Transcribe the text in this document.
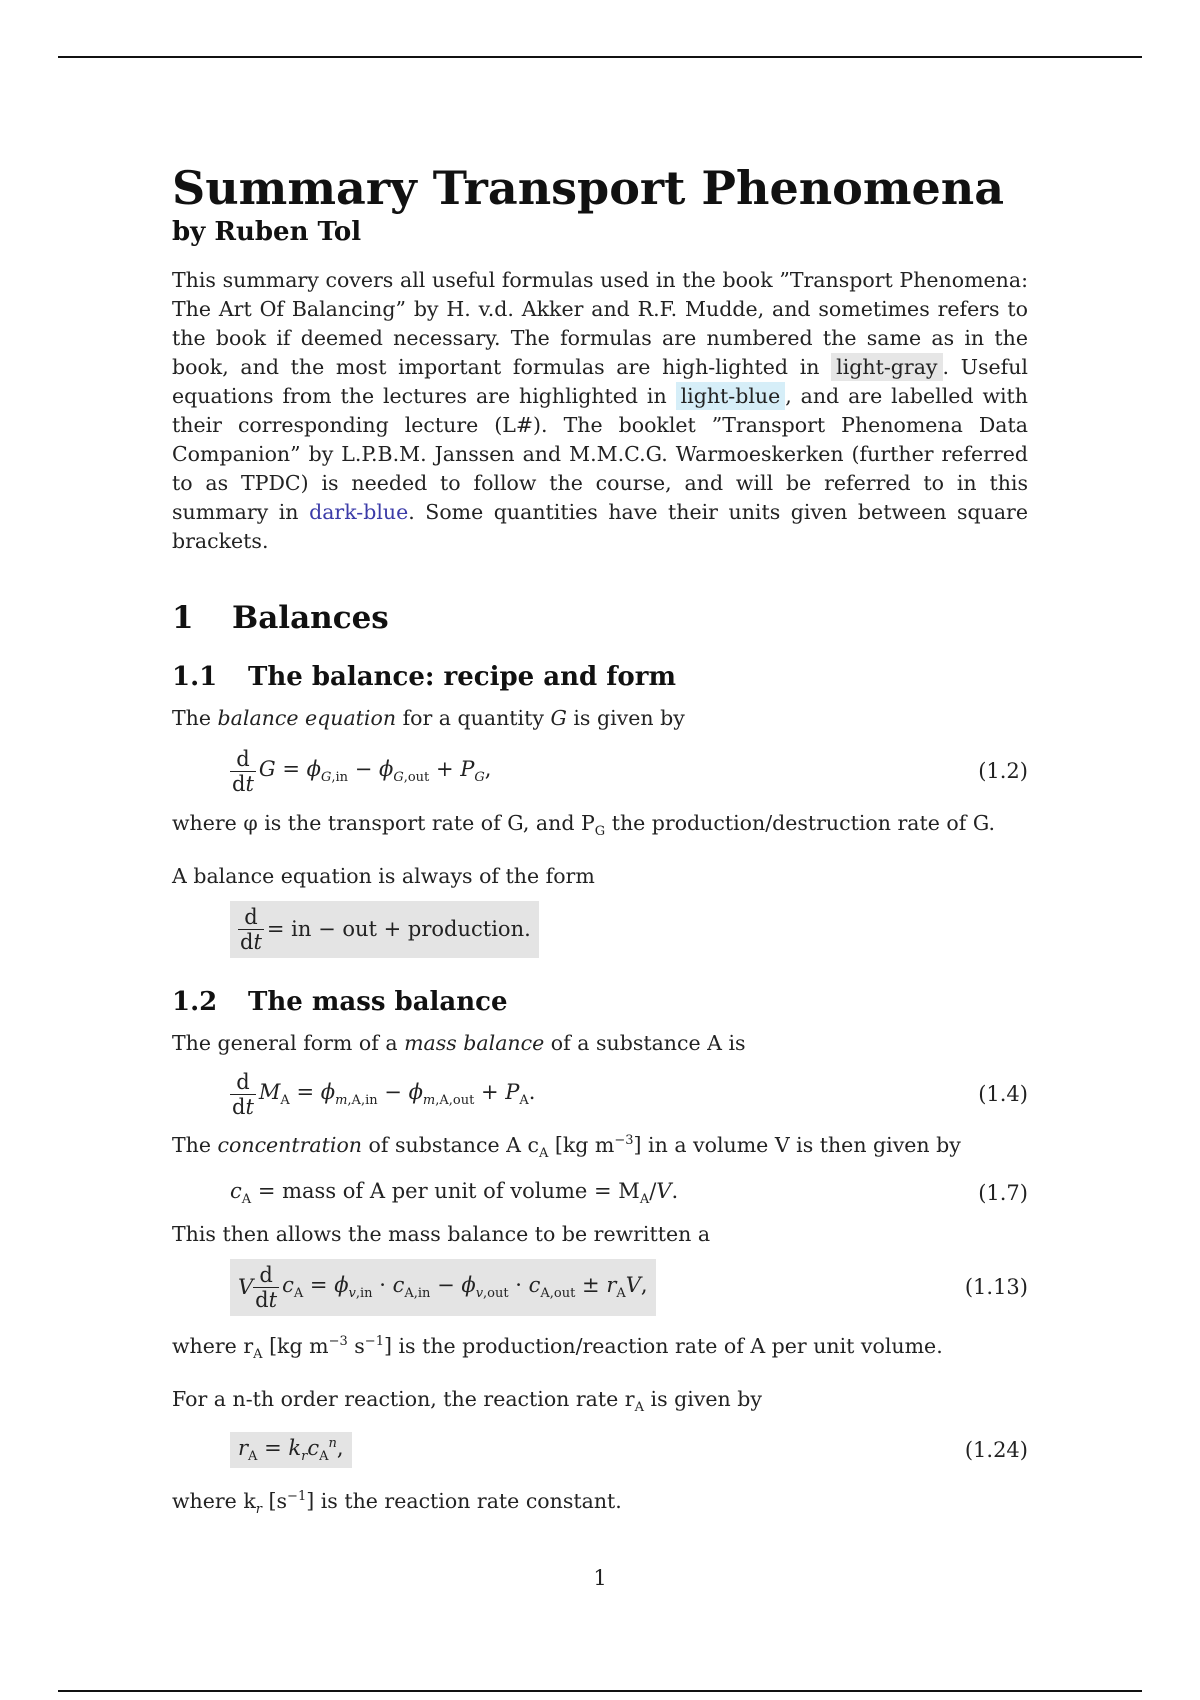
Summary Transport Phenomena
by Ruben Tol

This summary covers all useful formulas used in the book ”Transport Phenomena: The Art Of Balancing” by H. v.d. Akker and R.F. Mudde, and sometimes refers to the book if deemed necessary. The formulas are numbered the same as in the book, and the most important formulas are high-lighted in light-gray . Useful equations from the lectures are highlighted in light-blue , and are labelled with their corresponding lecture (L#). The booklet ”Transport Phenomena Data Companion” by L.P.B.M. Janssen and M.M.C.G. Warmoeskerken (further referred to as TPDC) is needed to follow the course, and will be referred to in this summary in dark-blue. Some quantities have their units given between square brackets.

1 Balances
1.1 The balance: recipe and form

The balance equation for a quantity G is given by

$\frac{d}{dt}$ $G = \phi_{G,in} - \phi_{G,out} + P_G$,	(1.2)

where φ is the transport rate of G, and $P_G$ the production/destruction rate of G.

A balance equation is always of the form

$\frac{d}{dt}$ = in − out + production.
1.2 The mass balance

The general form of a mass balance of a substance A is

$\frac{d}{dt} M_A = \phi_{m,A,in} - \phi_{m,A,out} + P_A$.	(1.4)

The concentration of substance A $c_A$ [kg $m^{-3}$] in a volume V is then given by

$c_A$ = mass of A per unit of volume = $M_A/V$.	(1.7)

This then allows the mass balance to be rewritten a

V $\frac{d}{dt} c_A = \phi_{v,in} \cdot c_{A,in} - \phi_{v,out} \cdot c_{A,out} \pm r_AV$,	(1.13)

where $r_A$ [kg $m^{-3}$ $s^{-1}$] is the production/reaction rate of A per unit volume.

For a n-th order reaction, the reaction rate $r_A$ is given by

$r_A = k_rc_A^n$,	(1.24)

where $k_r$ $[s^{-1}]$ is the reaction rate constant.

1
